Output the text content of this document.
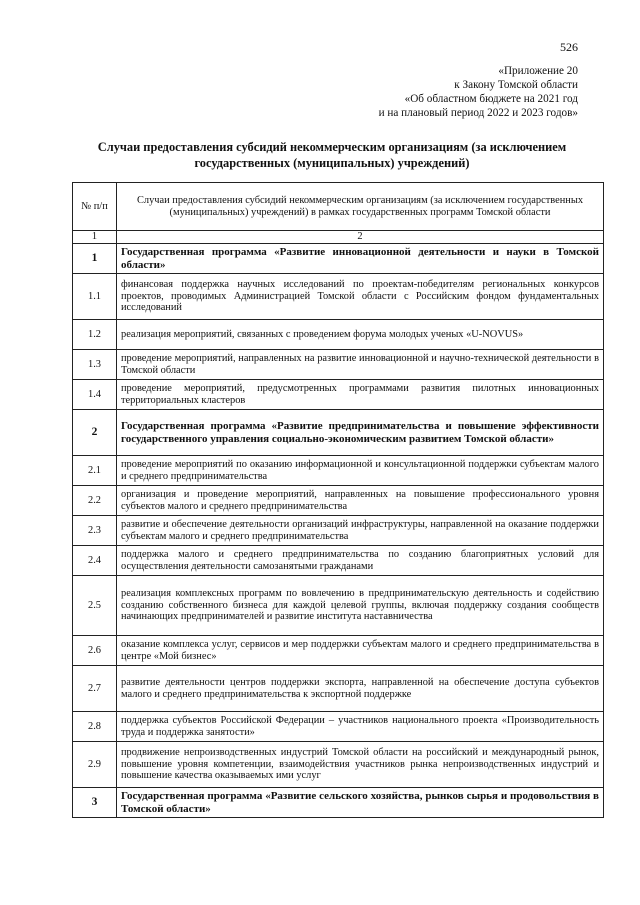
526
«Приложение 20
к Закону Томской области
«Об областном бюджете на 2021 год
и на плановый период 2022 и 2023 годов»
Случаи предоставления субсидий некоммерческим организациям (за исключением государственных (муниципальных) учреждений)
№ п/п	Случаи предоставления субсидий некоммерческим организациям (за исключением государственных (муниципальных) учреждений) в рамках государственных программ Томской области
1	2
1	Государственная программа «Развитие инновационной деятельности и науки в Томской области»
1.1	финансовая поддержка научных исследований по проектам-победителям региональных конкурсов проектов, проводимых Администрацией Томской области с Российским фондом фундаментальных исследований
1.2	реализация мероприятий, связанных с проведением форума молодых ученых «U-NOVUS»
1.3	проведение мероприятий, направленных на развитие инновационной и научно-технической деятельности в Томской области
1.4	проведение мероприятий, предусмотренных программами развития пилотных инновационных территориальных кластеров
2	Государственная программа «Развитие предпринимательства и повышение эффективности государственного управления социально-экономическим развитием Томской области»
2.1	проведение мероприятий по оказанию информационной и консультационной поддержки субъектам малого и среднего предпринимательства
2.2	организация и проведение мероприятий, направленных на повышение профессионального уровня субъектов малого и среднего предпринимательства
2.3	развитие и обеспечение деятельности организаций инфраструктуры, направленной на оказание поддержки субъектам малого и среднего предпринимательства
2.4	поддержка малого и среднего предпринимательства по созданию благоприятных условий для осуществления деятельности самозанятыми гражданами
2.5	реализация комплексных программ по вовлечению в предпринимательскую деятельность и содействию созданию собственного бизнеса для каждой целевой группы, включая поддержку создания сообществ начинающих предпринимателей и развитие института наставничества
2.6	оказание комплекса услуг, сервисов и мер поддержки субъектам малого и среднего предпринимательства в центре «Мой бизнес»
2.7	развитие деятельности центров поддержки экспорта, направленной на обеспечение доступа субъектов малого и среднего предпринимательства к экспортной поддержке
2.8	поддержка субъектов Российской Федерации – участников национального проекта «Производительность труда и поддержка занятости»
2.9	продвижение непроизводственных индустрий Томской области на российский и международный рынок, повышение уровня компетенции, взаимодействия участников рынка непроизводственных индустрий и повышение качества оказываемых ими услуг
3	Государственная программа «Развитие сельского хозяйства, рынков сырья и продовольствия в Томской области»
